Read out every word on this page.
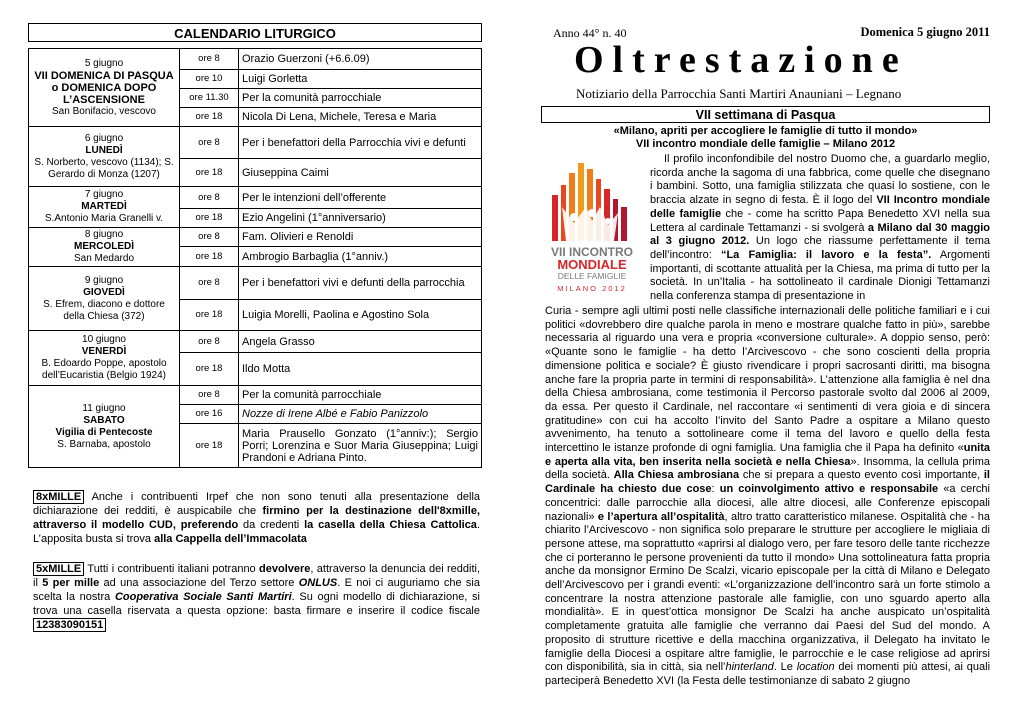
CALENDARIO LITURGICO
5 giugno
VII DOMENICA DI PASQUA o DOMENICA DOPO L’ASCENSIONE
San Bonifacio, vescovo	ore 8	Orazio Guerzoni (+6.6.09)
	ore 10	Luigi Gorletta
	ore 11.30	Per la comunità parrocchiale
	ore 18	Nicola Di Lena, Michele, Teresa e Maria

6 giugno
LUNEDÌ
S. Norberto, vescovo (1134); S. Gerardo di Monza (1207)	ore 8	Per i benefattori della Parrocchia vivi e defunti
	ore 18	Giuseppina Caimi

7 giugno
MARTEDÌ
S.Antonio Maria Granelli v.	ore 8	Per le intenzioni dell’offerente
	ore 18	Ezio Angelini (1°anniversario)

8 giugno
MERCOLEDÌ
San Medardo	ore 8	Fam. Olivieri e Renoldi
	ore 18	Ambrogio Barbaglia (1°anniv.)

9 giugno
GIOVEDÌ
S. Efrem, diacono e dottore della Chiesa (372)	ore 8	Per i benefattori vivi e defunti della parrocchia
	ore 18	Luigia Morelli, Paolina e Agostino Sola

10 giugno
VENERDÌ
B. Edoardo Poppe, apostolo dell’Eucaristia (Belgio 1924)	ore 8	Angela Grasso
	ore 18	Ildo Motta

11 giugno
SABATO
Vigilia di Pentecoste
S. Barnaba, apostolo	ore 8	Per la comunità parrocchiale
	ore 16	Nozze di Irene Albé e Fabio Panizzolo
	ore 18	Maria Prausello Gonzato (1°anniv:); Sergio Porri; Lorenzina e Suor Maria Giuseppina; Luigi Prandoni e Adriana Pinto.
8xMILLE Anche i contribuenti Irpef che non sono tenuti alla presentazione della dichiarazione dei redditi, è auspicabile che firmino per la destinazione dell'8xmille, attraverso il modello CUD, preferendo da credenti la casella della Chiesa Cattolica. L’apposita busta si trova alla Cappella dell’Immacolata
5xMILLE Tutti i contribuenti italiani potranno devolvere, attraverso la denuncia dei redditi, il 5 per mille ad una associazione del Terzo settore ONLUS. E noi ci auguriamo che sia scelta la nostra Cooperativa Sociale Santi Martiri. Su ogni modello di dichiarazione, si trova una casella riservata a questa opzione: basta firmare e inserire il codice fiscale 12383090151
Anno 44° n. 40	Domenica 5 giugno 2011
Oltrestazione
Notiziario della Parrocchia Santi Martiri Anauniani – Legnano
VII settimana di Pasqua
«Milano, apriti per accogliere le famiglie di tutto il mondo»
VII incontro mondiale delle famiglie – Milano 2012
VII INCONTRO
MONDIALE
DELLE FAMIGLIE
MILANO 2012
Il profilo inconfondibile del nostro Duomo che, a guardarlo meglio, ricorda anche la sagoma di una fabbrica, come quelle che disegnano i bambini. Sotto, una famiglia stilizzata che quasi lo sostiene, con le braccia alzate in segno di festa. È il logo del VII Incontro mondiale delle famiglie che - come ha scritto Papa Benedetto XVI nella sua Lettera al cardinale Tettamanzi - si svolgerà a Milano dal 30 maggio al 3 giugno 2012. Un logo che riassume perfettamente il tema dell’incontro: “La Famiglia: il lavoro e la festa”. Argomenti importanti, di scottante attualità per la Chiesa, ma prima di tutto per la società. In un’Italia - ha sottolineato il cardinale Dionigi Tettamanzi nella conferenza stampa di presentazione in
Curia - sempre agli ultimi posti nelle classifiche internazionali delle politiche familiari e i cui politici «dovrebbero dire qualche parola in meno e mostrare qualche fatto in più», sarebbe necessaria al riguardo una vera e propria «conversione culturale». A doppio senso, però: «Quante sono le famiglie - ha detto l’Arcivescovo - che sono coscienti della propria dimensione politica e sociale? È giusto rivendicare i propri sacrosanti diritti, ma bisogna anche fare la propria parte in termini di responsabilità». L’attenzione alla famiglia è nel dna della Chiesa ambrosiana, come testimonia il Percorso pastorale svolto dal 2006 al 2009, da essa. Per questo il Cardinale, nel raccontare «i sentimenti di vera gioia e di sincera gratitudine» con cui ha accolto l’invito del Santo Padre a ospitare a Milano questo avvenimento, ha tenuto a sottolineare come il tema del lavoro e quello della festa intercettino le istanze profonde di ogni famiglia. Una famiglia che il Papa ha definito «unita e aperta alla vita, ben inserita nella società e nella Chiesa». Insomma, la cellula prima della società. Alla Chiesa ambrosiana che si prepara a questo evento così importante, il Cardinale ha chiesto due cose: un coinvolgimento attivo e responsabile «a cerchi concentrici: dalle parrocchie alla diocesi, alle altre diocesi, alle Conferenze episcopali nazionali» e l’apertura all’ospitalità, altro tratto caratteristico milanese. Ospitalità che - ha chiarito l’Arcivescovo - non significa solo preparare le strutture per accogliere le migliaia di persone attese, ma soprattutto «aprirsi al dialogo vero, per fare tesoro delle tante ricchezze che ci porteranno le persone provenienti da tutto il mondo» Una sottolineatura fatta propria anche da monsignor Ermino De Scalzi, vicario episcopale per la città di Milano e Delegato dell’Arcivescovo per i grandi eventi: «L’organizzazione dell’incontro sarà un forte stimolo a concentrare la nostra attenzione pastorale alle famiglie, con uno sguardo aperto alla mondialità». E in quest’ottica monsignor De Scalzi ha anche auspicato un’ospitalità completamente gratuita alle famiglie che verranno dai Paesi del Sud del mondo. A proposito di strutture ricettive e della macchina organizzativa, il Delegato ha invitato le famiglie della Diocesi a ospitare altre famiglie, le parrocchie e le case religiose ad aprirsi con disponibilità, sia in città, sia nell’hinterland. Le location dei momenti più attesi, ai quali parteciperà Benedetto XVI (la Festa delle testimonianze di sabato 2 giugno
